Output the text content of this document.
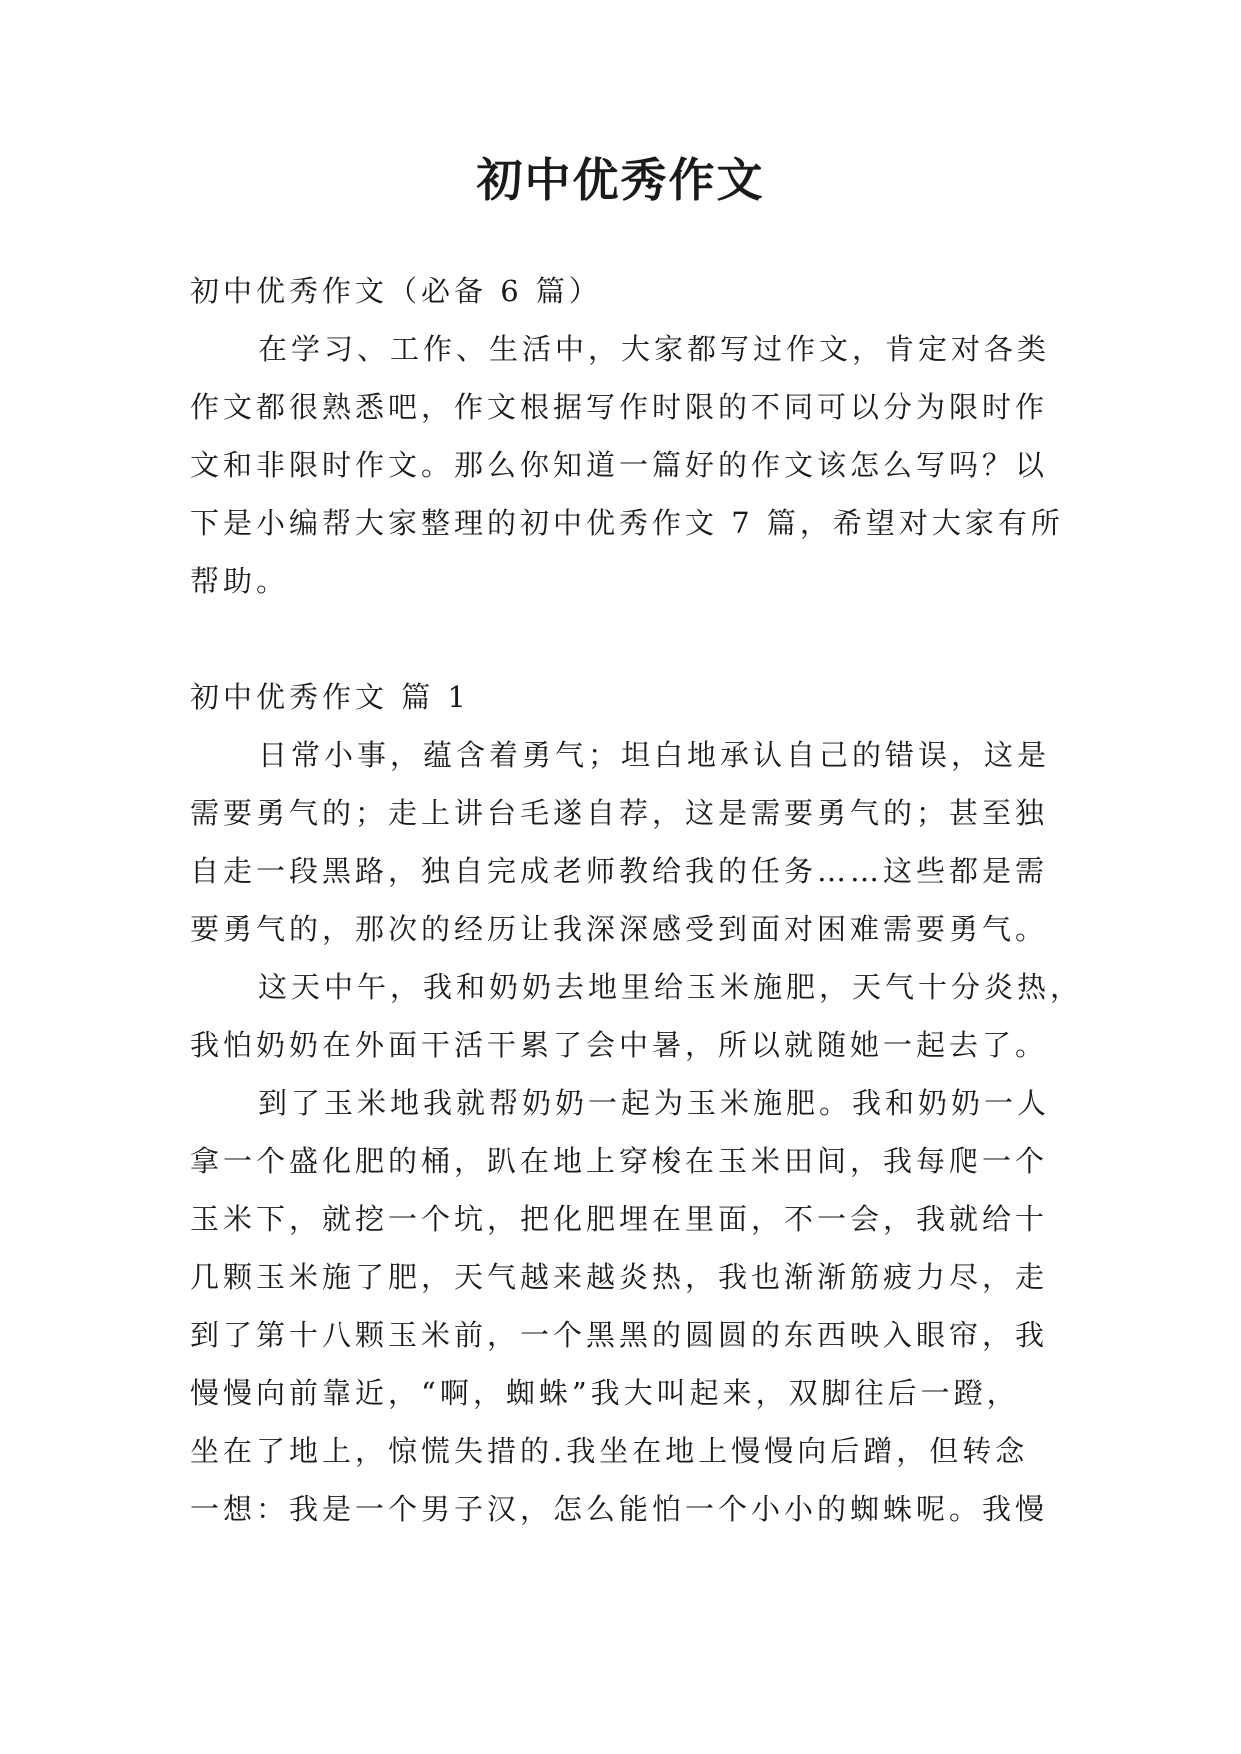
初中优秀作文
初中优秀作文（必备 6 篇）
在学习、工作、生活中，大家都写过作文，肯定对各类
作文都很熟悉吧，作文根据写作时限的不同可以分为限时作
文和非限时作文。那么你知道一篇好的作文该怎么写吗？以
下是小编帮大家整理的初中优秀作文 7 篇，希望对大家有所
帮助。
初中优秀作文 篇 1
日常小事，蕴含着勇气；坦白地承认自己的错误，这是
需要勇气的；走上讲台毛遂自荐，这是需要勇气的；甚至独
自走一段黑路，独自完成老师教给我的任务……这些都是需
要勇气的，那次的经历让我深深感受到面对困难需要勇气。
这天中午，我和奶奶去地里给玉米施肥，天气十分炎热，
我怕奶奶在外面干活干累了会中暑，所以就随她一起去了。
到了玉米地我就帮奶奶一起为玉米施肥。我和奶奶一人
拿一个盛化肥的桶，趴在地上穿梭在玉米田间，我每爬一个
玉米下，就挖一个坑，把化肥埋在里面，不一会，我就给十
几颗玉米施了肥，天气越来越炎热，我也渐渐筋疲力尽，走
到了第十八颗玉米前，一个黑黑的圆圆的东西映入眼帘，我
慢慢向前靠近，“啊，蜘蛛”我大叫起来，双脚往后一蹬，
坐在了地上，惊慌失措的.我坐在地上慢慢向后蹭，但转念
一想：我是一个男子汉，怎么能怕一个小小的蜘蛛呢。我慢
